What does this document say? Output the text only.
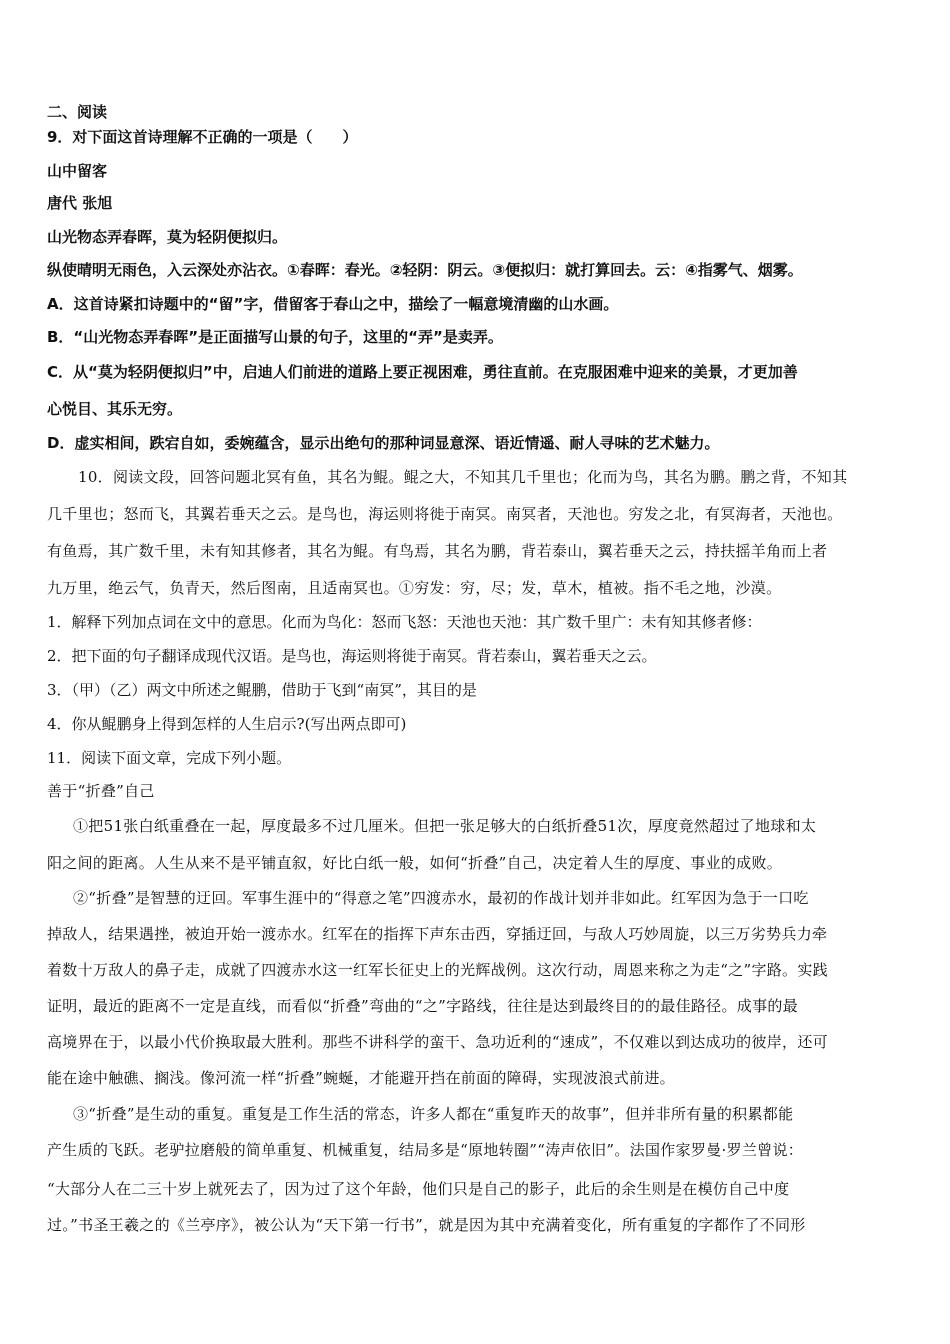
二、阅读
9．对下面这首诗理解不正确的一项是（　　）
山中留客
唐代 张旭
山光物态弄春晖，莫为轻阴便拟归。
纵使晴明无雨色，入云深处亦沾衣。①春晖：春光。②轻阴：阴云。③便拟归：就打算回去。云：④指雾气、烟雾。
A．这首诗紧扣诗题中的“留”字，借留客于春山之中，描绘了一幅意境清幽的山水画。
B．“山光物态弄春晖”是正面描写山景的句子，这里的“弄”是卖弄。
C．从“莫为轻阴便拟归”中，启迪人们前进的道路上要正视困难，勇往直前。在克服困难中迎来的美景，才更加善
心悦目、其乐无穷。
D．虚实相间，跌宕自如，委婉蕴含，显示出绝句的那种词显意深、语近情遥、耐人寻味的艺术魅力。
10．阅读文段，回答问题北冥有鱼，其名为鲲。鲲之大，不知其几千里也；化而为鸟，其名为鹏。鹏之背，不知其
几千里也；怒而飞，其翼若垂天之云。是鸟也，海运则将徙于南冥。南冥者，天池也。穷发之北，有冥海者，天池也。
有鱼焉，其广数千里，未有知其修者，其名为鲲。有鸟焉，其名为鹏，背若泰山，翼若垂天之云，持扶摇羊角而上者
九万里，绝云气，负青天，然后图南，且适南冥也。①穷发：穷，尽；发，草木，植被。指不毛之地，沙漠。
1．解释下列加点词在文中的意思。化而为鸟化：怒而飞怒：天池也天池：其广数千里广：未有知其修者修：
2．把下面的句子翻译成现代汉语。是鸟也，海运则将徙于南冥。背若泰山，翼若垂天之云。
3．（甲）（乙）两文中所述之鲲鹏，借助于飞到“南冥”，其目的是
4．你从鲲鹏身上得到怎样的人生启示?(写出两点即可)
11．阅读下面文章，完成下列小题。
善于“折叠”自己
①把51张白纸重叠在一起，厚度最多不过几厘米。但把一张足够大的白纸折叠51次，厚度竟然超过了地球和太
阳之间的距离。人生从来不是平铺直叙，好比白纸一般，如何“折叠”自己，决定着人生的厚度、事业的成败。
②“折叠”是智慧的迂回。军事生涯中的“得意之笔”四渡赤水，最初的作战计划并非如此。红军因为急于一口吃
掉敌人，结果遇挫，被迫开始一渡赤水。红军在的指挥下声东击西，穿插迂回，与敌人巧妙周旋，以三万劣势兵力牵
着数十万敌人的鼻子走，成就了四渡赤水这一红军长征史上的光辉战例。这次行动，周恩来称之为走“之”字路。实践
证明，最近的距离不一定是直线，而看似“折叠”弯曲的“之”字路线，往往是达到最终目的的最佳路径。成事的最
高境界在于，以最小代价换取最大胜利。那些不讲科学的蛮干、急功近利的“速成”，不仅难以到达成功的彼岸，还可
能在途中触礁、搁浅。像河流一样“折叠”蜿蜒，才能避开挡在前面的障碍，实现波浪式前进。
③“折叠”是生动的重复。重复是工作生活的常态，许多人都在“重复昨天的故事”，但并非所有量的积累都能
产生质的飞跃。老驴拉磨般的简单重复、机械重复，结局多是“原地转圈”“涛声依旧”。法国作家罗曼·罗兰曾说：
“大部分人在二三十岁上就死去了，因为过了这个年龄，他们只是自己的影子，此后的余生则是在模仿自己中度
过。”书圣王羲之的《兰亭序》，被公认为“天下第一行书”，就是因为其中充满着变化，所有重复的字都作了不同形
